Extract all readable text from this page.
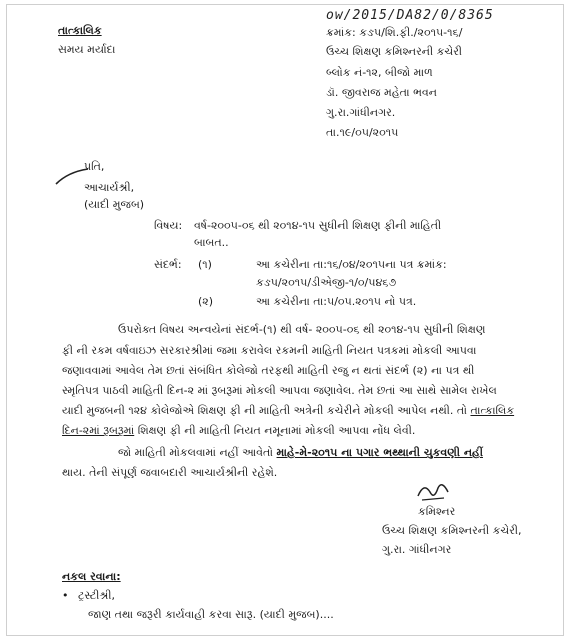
તાત્કાલિક
સમય મર્યાદા
ow/2015/DA82/0/8365
ક્રમાંક: કઙપ/શિ.ફી./૨૦૧૫-૧૬/
ઉચ્ચ શિક્ષણ કમિશ્નરની કચેરી
બ્લોક નં-૧૨, બીજો માળ
ડૉ. જીવરાજ મહેતા ભવન
ગુ.રા.ગાંધીનગર.
તા.૧૯/૦૫/૨૦૧૫
પ્રતિ,
આચાર્યશ્રી,
(યાદી મુજબ)
વિષય: વર્ષ-૨૦૦૫-૦૬ થી ૨૦૧૪-૧૫ સુધીની શિક્ષણ ફીની માહિતી
બાબત..
સંદર્ભ: (૧)	આ કચેરીના તા:૧૬/૦૪/૨૦૧૫ના પત્ર ક્રમાંક:
કઙપ/૨૦૧૫/ડીએજી-૧/૦/૫૪૬૭
(૨)	આ કચેરીના તા:૫/૦૫.૨૦૧૫ નો પત્ર.
ઉપરોક્ત વિષય અન્વયેનાં સંદર્ભ-(૧) થી વર્ષ- ૨૦૦૫-૦૬ થી ૨૦૧૪-૧૫ સુધીની શિક્ષણ
ફી ની રકમ વર્ષવાઇઝ સરકારશ્રીમાં જમા કરાવેલ રકમની માહિતી નિયત પત્રકમાં મોકલી આપવા
જણાવવામાં આવેલ તેમ છતાં સંબંધિત કોલેજો તરફથી માહિતી રજુ ન થતાં સંદર્ભ (૨) ના પત્ર થી
સ્મૃતિપત્ર પાઠવી માહિતી દિન-૨ માં રૂબરૂમાં મોકલી આપવા જણાવેલ. તેમ છતાં આ સાથે સામેલ રાખેલ
યાદી મુજબની ૧૨૪ કોલેજોએ શિક્ષણ ફી ની માહિતી અત્રેની કચેરીને મોકલી આપેલ નથી. તો તાત્કાલિક
દિન-૨માં રૂબરૂમાં શિક્ષણ ફી ની માહિતી નિયત નમૂનામાં મોકલી આપવા નોંધ લેવી.
જો માહિતી મોકલવામાં નહીં આવેતો માહે-મે-૨૦૧૫ ના પગાર ભથ્થાની ચુકવણી નહીં
થાય. તેની સંપૂર્ણ જવાબદારી આચાર્યશ્રીની રહેશે.
કમિશ્નર
ઉચ્ચ શિક્ષણ કમિશ્નરની કચેરી,
ગુ.રા. ગાંધીનગર
નકલ રવાના:
• ટ્રસ્ટીશ્રી,
જાણ તથા જરૂરી કાર્યવાહી કરવા સારૂ. (યાદી મુજબ)....
